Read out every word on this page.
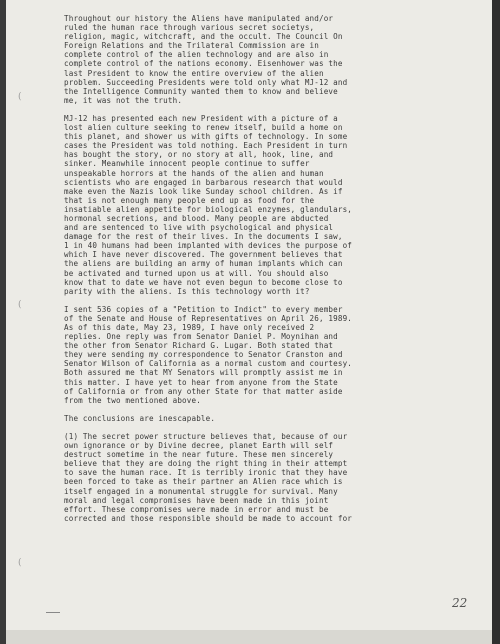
(
(
(
Throughout our history the Aliens have manipulated and/or
ruled the human race through various secret societys,
religion, magic, witchcraft, and the occult. The Council On
Foreign Relations and the Trilateral Commission are in
complete control of the alien technology and are also in
complete control of the nations economy. Eisenhower was the
last President to know the entire overview of the alien
problem. Succeeding Presidents were told only what MJ-12 and
the Intelligence Community wanted them to know and believe
me, it was not the truth.
MJ-12 has presented each new President with a picture of a
lost alien culture seeking to renew itself, build a home on
this planet, and shower us with gifts of technology. In some
cases the President was told nothing. Each President in turn
has bought the story, or no story at all, hook, line, and
sinker. Meanwhile innocent people continue to suffer
unspeakable horrors at the hands of the alien and human
scientists who are engaged in barbarous research that would
make even the Nazis look like Sunday school children. As if
that is not enough many people end up as food for the
insatiable alien appetite for biological enzymes, glandulars,
hormonal secretions, and blood. Many people are abducted
and are sentenced to live with psychological and physical
damage for the rest of their lives. In the documents I saw,
1 in 40 humans had been implanted with devices the purpose of
which I have never discovered. The government believes that
the aliens are building an army of human implants which can
be activated and turned upon us at will. You should also
know that to date we have not even begun to become close to
parity with the aliens. Is this technology worth it?
I sent 536 copies of a "Petition to Indict" to every member
of the Senate and House of Representatives on April 26, 1989.
As of this date, May 23, 1989, I have only received 2
replies. One reply was from Senator Daniel P. Moynihan and
the other from Senator Richard G. Lugar. Both stated that
they were sending my correspondence to Senator Cranston and
Senator Wilson of California as a normal custom and courtesy.
Both assured me that MY Senators will promptly assist me in
this matter. I have yet to hear from anyone from the State
of California or from any other State for that matter aside
from the two mentioned above.
The conclusions are inescapable.
(1) The secret power structure believes that, because of our
own ignorance or by Divine decree, planet Earth will self
destruct sometime in the near future. These men sincerely
believe that they are doing the right thing in their attempt
to save the human race. It is terribly ironic that they have
been forced to take as their partner an Alien race which is
itself engaged in a monumental struggle for survival. Many
moral and legal compromises have been made in this joint
effort. These compromises were made in error and must be
corrected and those responsible should be made to account for
22
